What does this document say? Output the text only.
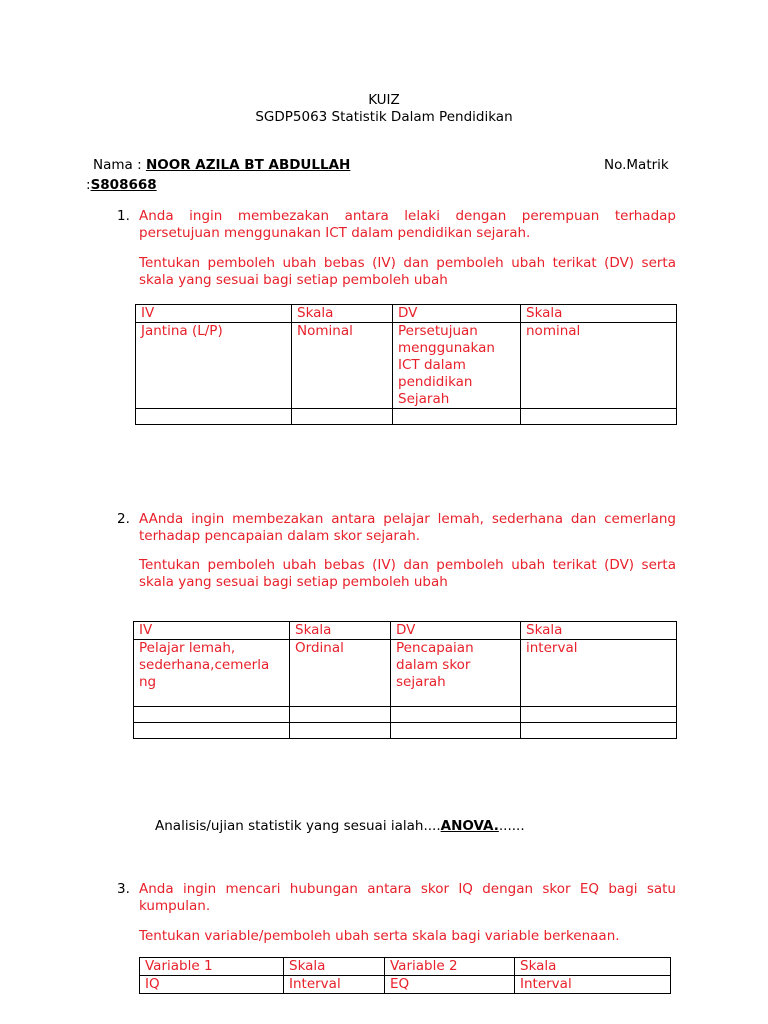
KUIZ
SGDP5063 Statistik Dalam Pendidikan
Nama : NOOR AZILA BT ABDULLAH	No.Matrik
:S808668
1. Anda ingin membezakan antara lelaki dengan perempuan terhadap persetujuan menggunakan ICT dalam pendidikan sejarah.
Tentukan pemboleh ubah bebas (IV) dan pemboleh ubah terikat (DV) serta skala yang sesuai bagi setiap pemboleh ubah
IV	Skala	DV	Skala
Jantina (L/P)	Nominal	Persetujuan menggunakan ICT dalam pendidikan Sejarah	nominal

2. AAnda ingin membezakan antara pelajar lemah, sederhana dan cemerlang terhadap pencapaian dalam skor sejarah.
Tentukan pemboleh ubah bebas (IV) dan pemboleh ubah terikat (DV) serta skala yang sesuai bagi setiap pemboleh ubah
IV	Skala	DV	Skala
Pelajar lemah, sederhana,cemerla ng	Ordinal	Pencapaian dalam skor sejarah	interval

Analisis/ujian statistik yang sesuai ialah....ANOVA.......
3. Anda ingin mencari hubungan antara skor IQ dengan skor EQ bagi satu kumpulan.
Tentukan variable/pemboleh ubah serta skala bagi variable berkenaan.
Variable 1	Skala	Variable 2	Skala
IQ	Interval	EQ	Interval
